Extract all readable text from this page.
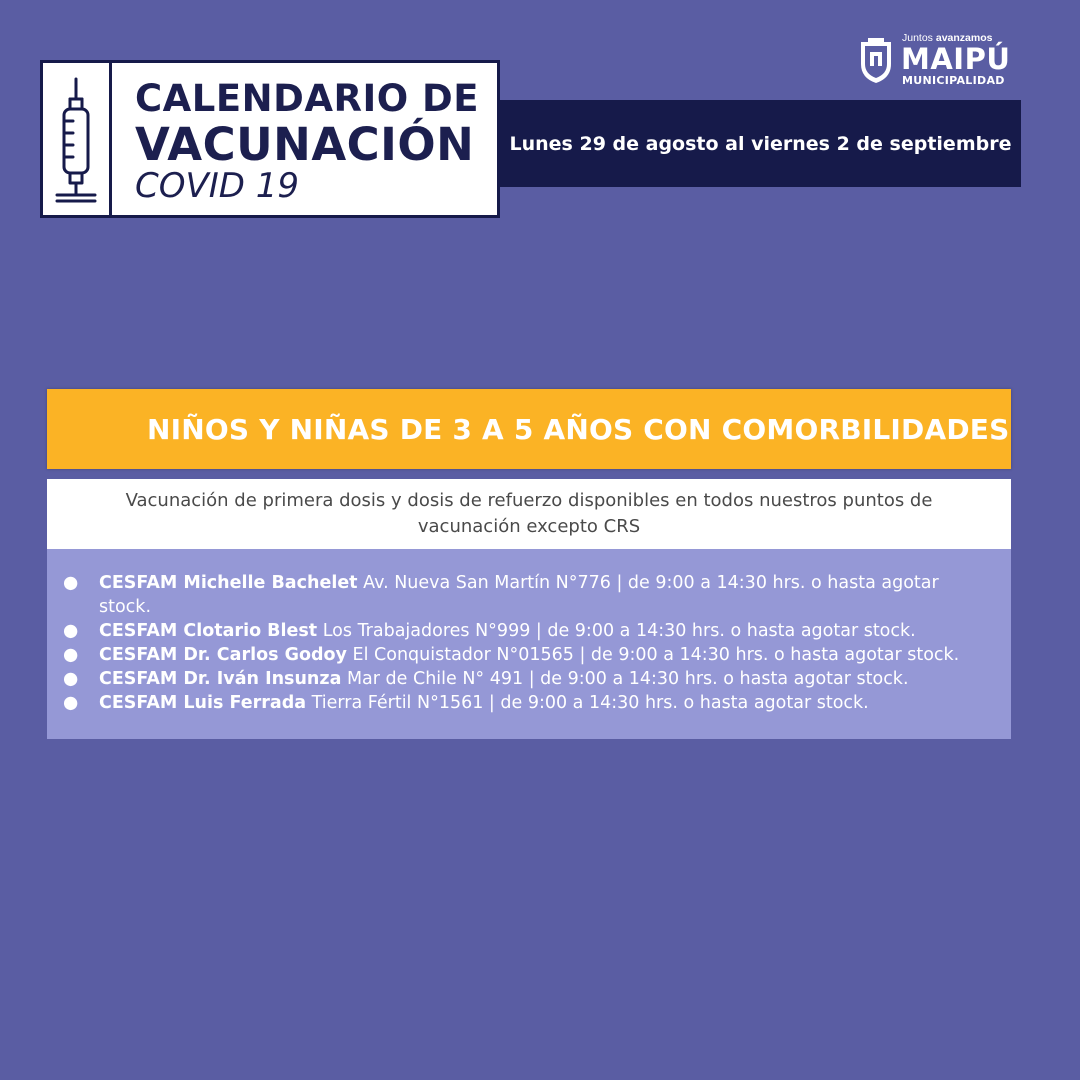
CALENDARIO DE
VACUNACIÓN
COVID 19
Lunes 29 de agosto al viernes 2 de septiembre
Juntos avanzamos
MAIPÚ
MUNICIPALIDAD
NIÑOS Y NIÑAS DE 3 A 5 AÑOS CON COMORBILIDADES
Vacunación de primera dosis y dosis de refuerzo disponibles en todos nuestros puntos de vacunación excepto CRS
● CESFAM Michelle Bachelet Av. Nueva San Martín N°776 | de 9:00 a 14:30 hrs. o hasta agotar stock.
● CESFAM Clotario Blest Los Trabajadores N°999 | de 9:00 a 14:30 hrs. o hasta agotar stock.
● CESFAM Dr. Carlos Godoy El Conquistador N°01565 | de 9:00 a 14:30 hrs. o hasta agotar stock.
● CESFAM Dr. Iván Insunza Mar de Chile N° 491 | de 9:00 a 14:30 hrs. o hasta agotar stock.
● CESFAM Luis Ferrada Tierra Fértil N°1561 | de 9:00 a 14:30 hrs. o hasta agotar stock.
